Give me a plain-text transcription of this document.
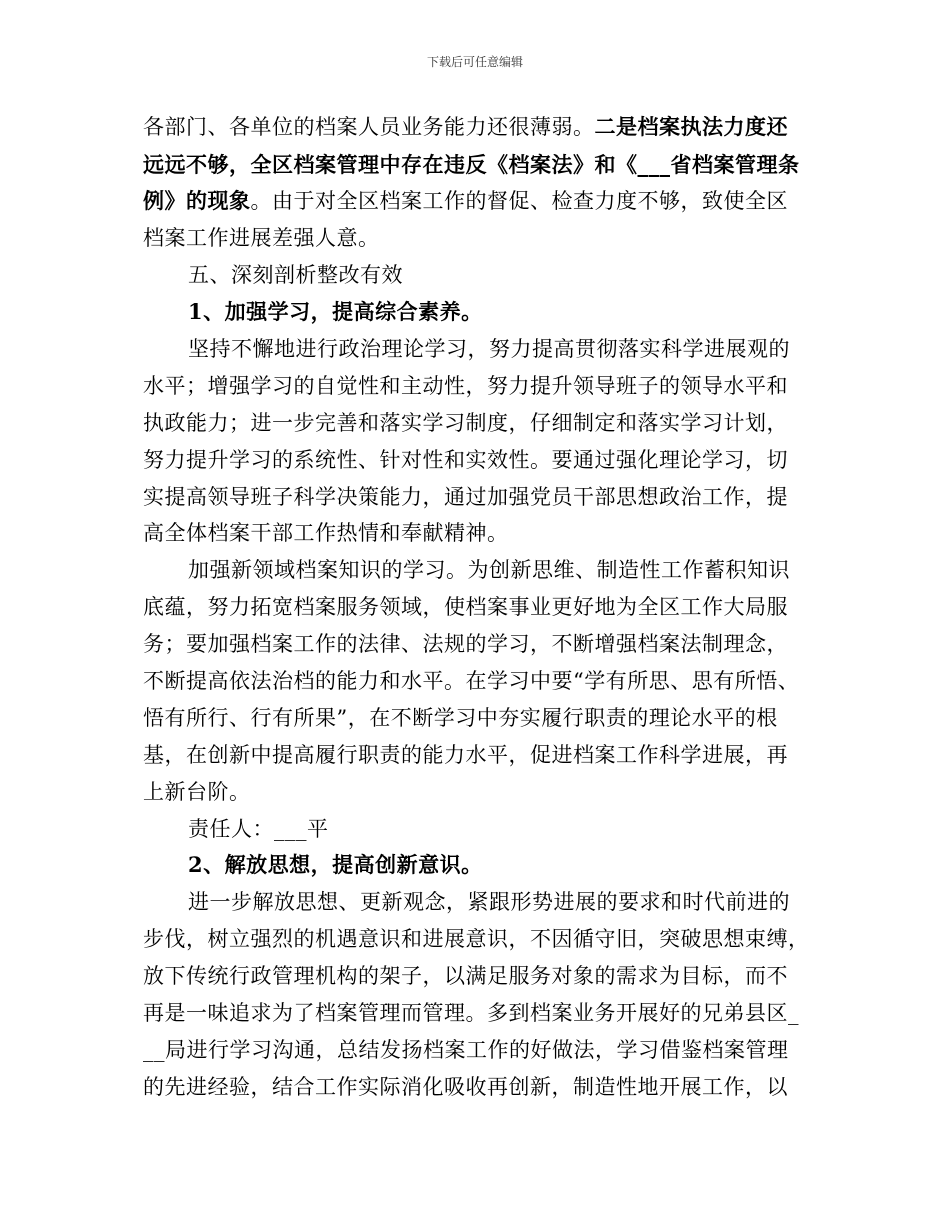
下载后可任意编辑
各部门、各单位的档案人员业务能力还很薄弱。二是档案执法力度还
远远不够，全区档案管理中存在违反《档案法》和《___省档案管理条
例》的现象。由于对全区档案工作的督促、检查力度不够，致使全区
档案工作进展差强人意。
五、深刻剖析整改有效
1、加强学习，提高综合素养。
坚持不懈地进行政治理论学习，努力提高贯彻落实科学进展观的
水平；增强学习的自觉性和主动性，努力提升领导班子的领导水平和
执政能力；进一步完善和落实学习制度，仔细制定和落实学习计划，
努力提升学习的系统性、针对性和实效性。要通过强化理论学习，切
实提高领导班子科学决策能力，通过加强党员干部思想政治工作，提
高全体档案干部工作热情和奉献精神。
加强新领域档案知识的学习。为创新思维、制造性工作蓄积知识
底蕴，努力拓宽档案服务领域，使档案事业更好地为全区工作大局服
务；要加强档案工作的法律、法规的学习，不断增强档案法制理念，
不断提高依法治档的能力和水平。在学习中要“学有所思、思有所悟、
悟有所行、行有所果”，在不断学习中夯实履行职责的理论水平的根
基，在创新中提高履行职责的能力水平，促进档案工作科学进展，再
上新台阶。
责任人：___平
2、解放思想，提高创新意识。
进一步解放思想、更新观念，紧跟形势进展的要求和时代前进的
步伐，树立强烈的机遇意识和进展意识，不因循守旧，突破思想束缚，
放下传统行政管理机构的架子，以满足服务对象的需求为目标，而不
再是一味追求为了档案管理而管理。多到档案业务开展好的兄弟县区_
__局进行学习沟通，总结发扬档案工作的好做法，学习借鉴档案管理
的先进经验，结合工作实际消化吸收再创新，制造性地开展工作，以
